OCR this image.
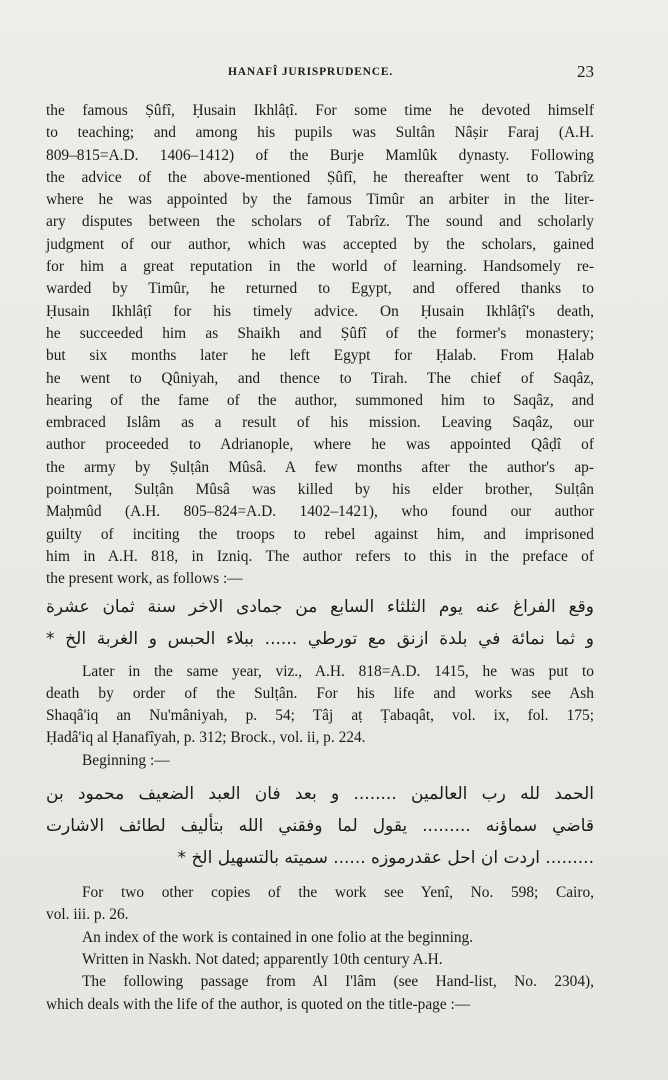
HANAFÎ JURISPRUDENCE.	23
the famous Ṣûfî, Ḥusain Ikhlâṭî. For some time he devoted himself
to teaching; and among his pupils was Sultân Nâṣir Faraj (A.H.
809–815=A.D. 1406–1412) of the Burje Mamlûk dynasty. Following
the advice of the above-mentioned Ṣûfî, he thereafter went to Tabrîz
where he was appointed by the famous Timûr an arbiter in the liter-
ary disputes between the scholars of Tabrîz. The sound and scholarly
judgment of our author, which was accepted by the scholars, gained
for him a great reputation in the world of learning. Handsomely re-
warded by Timûr, he returned to Egypt, and offered thanks to
Ḥusain Ikhlâṭî for his timely advice. On Ḥusain Ikhlâṭî's death,
he succeeded him as Shaikh and Ṣûfî of the former's monastery;
but six months later he left Egypt for Ḥalab. From Ḥalab
he went to Qûniyah, and thence to Tirah. The chief of Saqâz,
hearing of the fame of the author, summoned him to Saqâz, and
embraced Islâm as a result of his mission. Leaving Saqâz, our
author proceeded to Adrianople, where he was appointed Qâḍî of
the army by Ṣulṭân Mûsâ. A few months after the author's ap-
pointment, Sulṭân Mûsâ was killed by his elder brother, Sulṭân
Maḥmûd (A.H. 805–824=A.D. 1402–1421), who found our author
guilty of inciting the troops to rebel against him, and imprisoned
him in A.H. 818, in Izniq. The author refers to this in the preface of
the present work, as follows :—
وقع الفراغ عنه يوم الثلثاء السابع من جمادى الاخر سنة ثمان عشرة
و ثما نمائة في بلدة ازنق مع تورطي ...... ببلاء الحبس و الغربة الخ *
Later in the same year, viz., A.H. 818=A.D. 1415, he was put to
death by order of the Sulṭân. For his life and works see Ash
Shaqâ'iq an Nu'mâniyah, p. 54; Tâj aṭ Ṭabaqât, vol. ix, fol. 175;
Ḥadâ'iq al Ḥanafîyah, p. 312; Brock., vol. ii, p. 224.
Beginning :—
الحمد لله رب العالمين ........ و بعد فان العبد الضعيف محمود بن
قاضي سماؤنه ......... يقول لما وفقني الله بتأليف لطائف الاشارت
......... اردت ان احل عقدرموزه ...... سميته بالتسهيل الخ *
For two other copies of the work see Yenî, No. 598; Cairo,
vol. iii. p. 26.
An index of the work is contained in one folio at the beginning.
Written in Naskh. Not dated; apparently 10th century A.H.
The following passage from Al I'lâm (see Hand-list, No. 2304),
which deals with the life of the author, is quoted on the title-page :—
